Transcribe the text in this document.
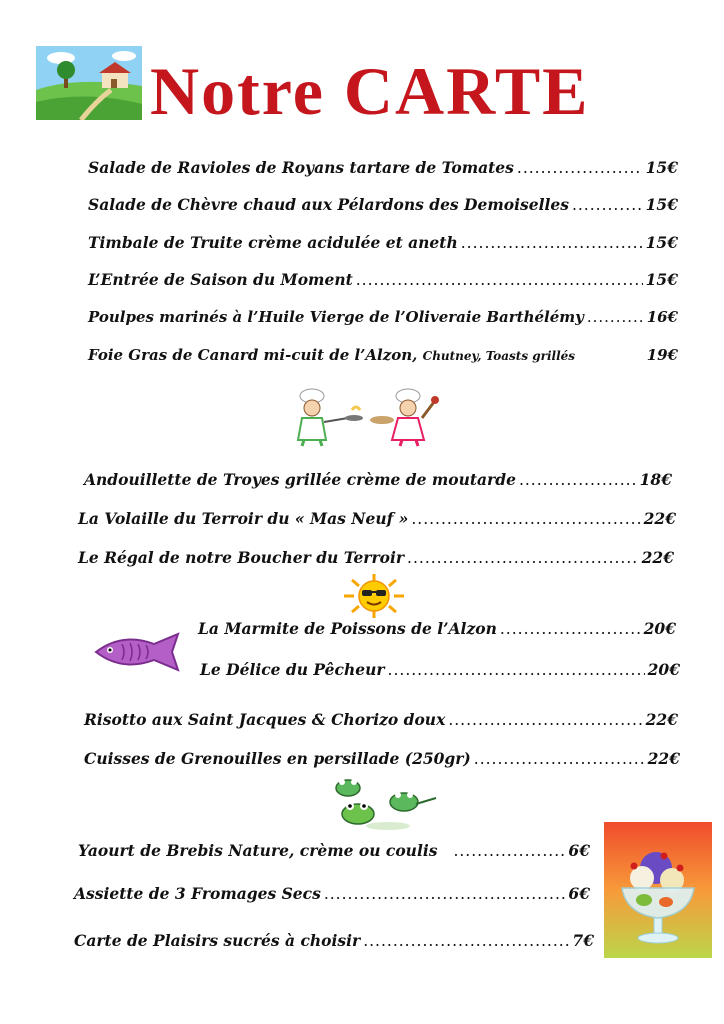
Notre CARTE
Salade de Ravioles de Royans tartare de Tomates .....	15€
Salade de Chèvre chaud aux Pélardons des Demoiselles .....	15€
Timbale de Truite crème acidulée et aneth .....	15€
L’Entrée de Saison du Moment .....	15€
Poulpes marinés à l’Huile Vierge de l’Oliveraie Barthélémy .....	16€
Foie Gras de Canard mi-cuit de l’Alzon, Chutney, Toasts grillés	19€
Andouillette de Troyes grillée crème de moutarde .....	18€
La Volaille du Terroir du « Mas Neuf » .....	22€
Le Régal de notre Boucher du Terroir .....	22€
La Marmite de Poissons de l’Alzon .....	20€
Le Délice du Pêcheur .....	20€
Risotto aux Saint Jacques & Chorizo doux .....	22€
Cuisses de Grenouilles en persillade (250gr) .....	22€
Yaourt de Brebis Nature, crème ou coulis .....	6€
Assiette de 3 Fromages Secs .....	6€
Carte de Plaisirs sucrés à choisir .....	7€
